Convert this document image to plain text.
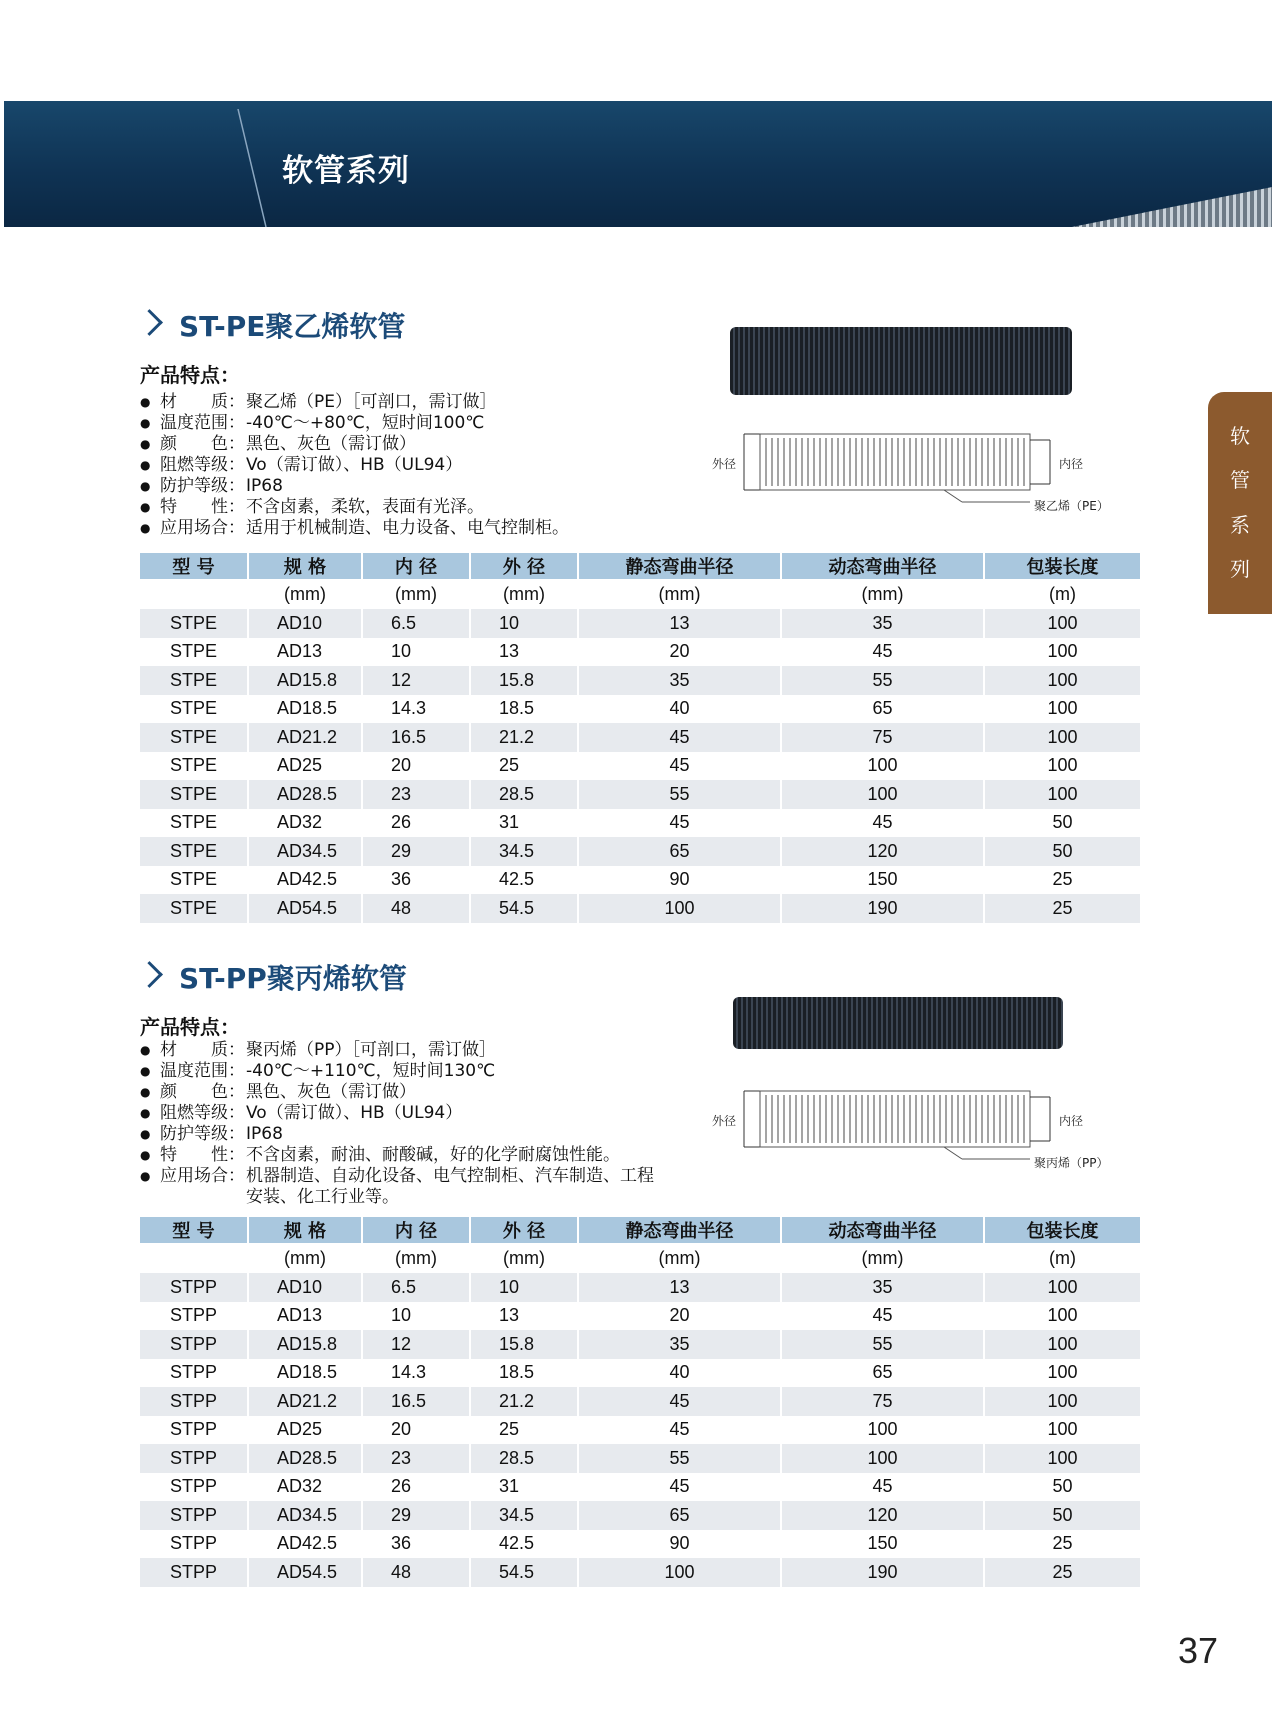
软管系列
软
管
系
列
ST-PE聚乙烯软管
产品特点：
● 材　　质：聚乙烯（PE）［可剖口，需订做］
● 温度范围：-40℃～+80℃，短时间100℃
● 颜　　色：黑色、灰色（需订做）
● 阻燃等级：Vo（需订做）、HB（UL94）
● 防护等级：IP68
● 特　　性：不含卤素，柔软，表面有光泽。
● 应用场合：适用于机械制造、电力设备、电气控制柜。
外径	内径
聚乙烯（PE）
型 号	规 格	内 径	外 径	静态弯曲半径	动态弯曲半径	包装长度
	(mm)	(mm)	(mm)	(mm)	(mm)	(m)
STPE	AD10	6.5	10	13	35	100
STPE	AD13	10	13	20	45	100
STPE	AD15.8	12	15.8	35	55	100
STPE	AD18.5	14.3	18.5	40	65	100
STPE	AD21.2	16.5	21.2	45	75	100
STPE	AD25	20	25	45	100	100
STPE	AD28.5	23	28.5	55	100	100
STPE	AD32	26	31	45	45	50
STPE	AD34.5	29	34.5	65	120	50
STPE	AD42.5	36	42.5	90	150	25
STPE	AD54.5	48	54.5	100	190	25
ST-PP聚丙烯软管
产品特点：
● 材　　质：聚丙烯（PP）［可剖口，需订做］
● 温度范围：-40℃～+110℃，短时间130℃
● 颜　　色：黑色、灰色（需订做）
● 阻燃等级：Vo（需订做）、HB（UL94）
● 防护等级：IP68
● 特　　性：不含卤素，耐油、耐酸碱，好的化学耐腐蚀性能。
● 应用场合：机器制造、自动化设备、电气控制柜、汽车制造、工程安装、化工行业等。
外径	内径
聚丙烯（PP）
型 号	规 格	内 径	外 径	静态弯曲半径	动态弯曲半径	包装长度
	(mm)	(mm)	(mm)	(mm)	(mm)	(m)
STPP	AD10	6.5	10	13	35	100
STPP	AD13	10	13	20	45	100
STPP	AD15.8	12	15.8	35	55	100
STPP	AD18.5	14.3	18.5	40	65	100
STPP	AD21.2	16.5	21.2	45	75	100
STPP	AD25	20	25	45	100	100
STPP	AD28.5	23	28.5	55	100	100
STPP	AD32	26	31	45	45	50
STPP	AD34.5	29	34.5	65	120	50
STPP	AD42.5	36	42.5	90	150	25
STPP	AD54.5	48	54.5	100	190	25
37
